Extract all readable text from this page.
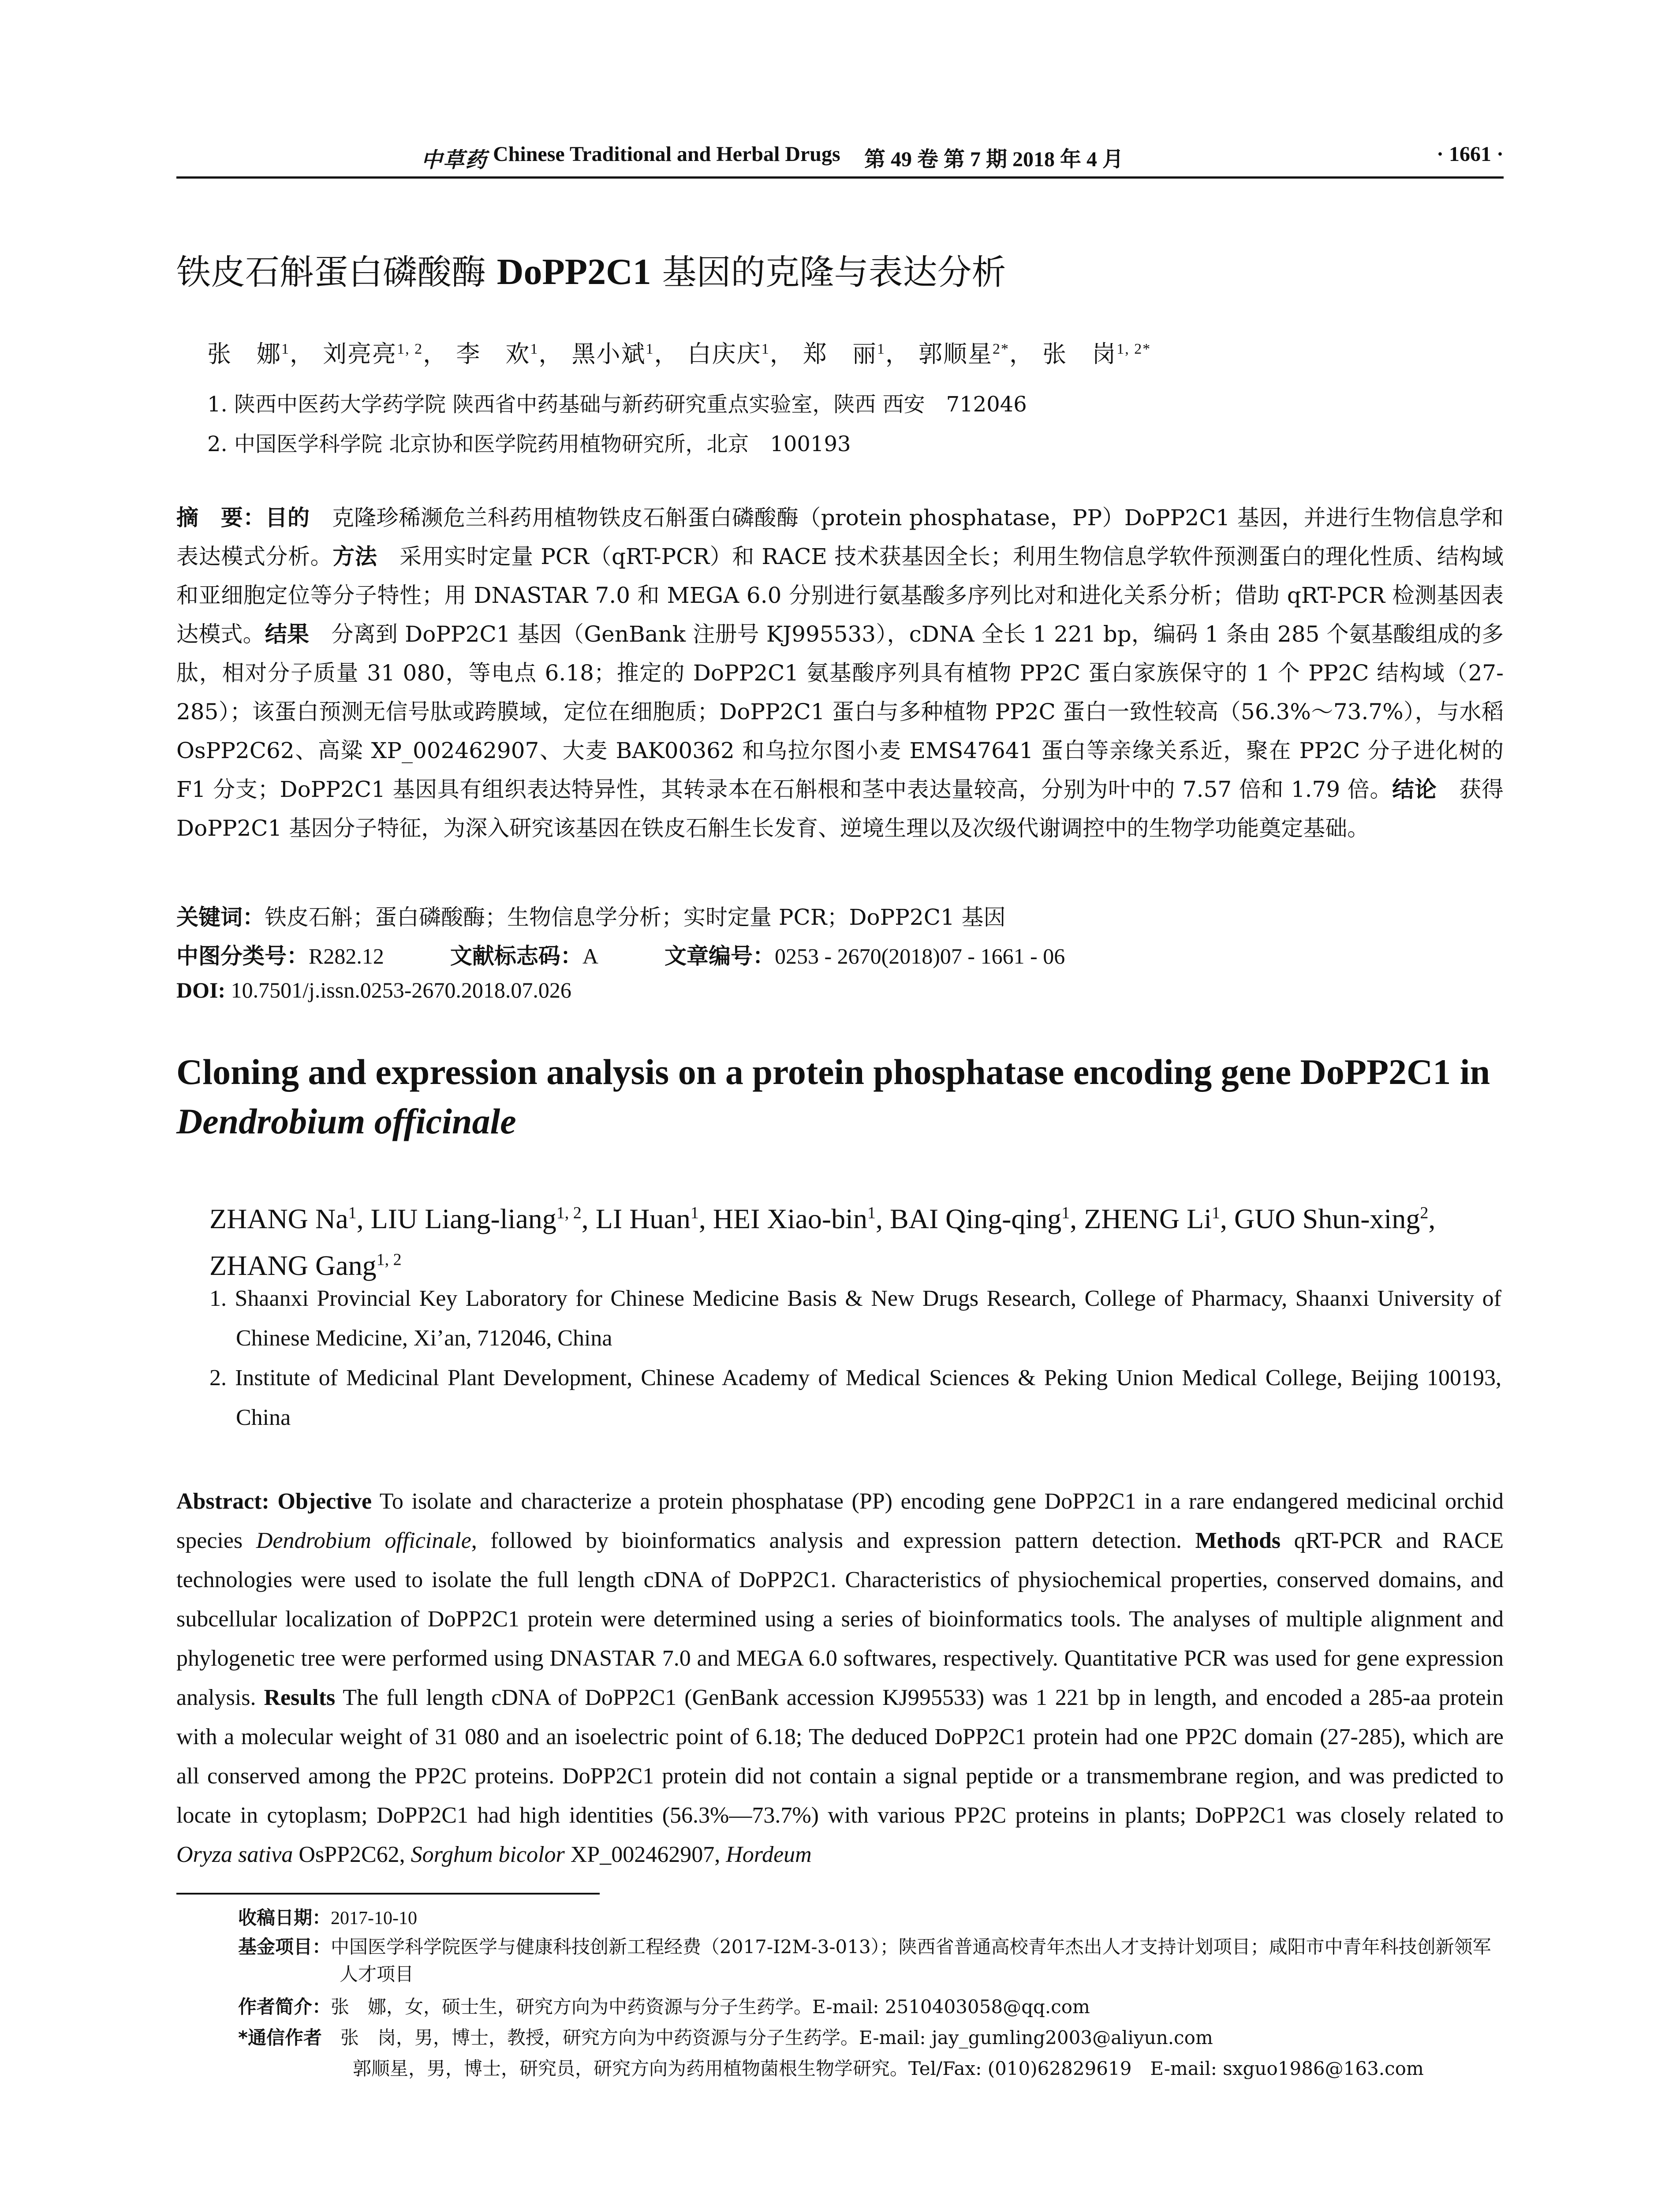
中草药 Chinese Traditional and Herbal Drugs 第 49 卷 第 7 期 2018 年 4 月	· 1661 ·
铁皮石斛蛋白磷酸酶 DoPP2C1 基因的克隆与表达分析
张　娜$^1$， 刘亮亮$^{1, 2}$， 李　欢$^1$， 黑小斌$^1$， 白庆庆$^1$， 郑　丽$^1$， 郭顺星$^{2*}$， 张　岗$^{1, 2*}$
1. 陕西中医药大学药学院 陕西省中药基础与新药研究重点实验室，陕西 西安　712046
2. 中国医学科学院 北京协和医学院药用植物研究所，北京　100193
摘　要：目的　克隆珍稀濒危兰科药用植物铁皮石斛蛋白磷酸酶（protein phosphatase，PP）DoPP2C1 基因，并进行生物信息学和表达模式分析。方法　采用实时定量 PCR（qRT-PCR）和 RACE 技术获基因全长；利用生物信息学软件预测蛋白的理化性质、结构域和亚细胞定位等分子特性；用 DNASTAR 7.0 和 MEGA 6.0 分别进行氨基酸多序列比对和进化关系分析；借助 qRT-PCR 检测基因表达模式。结果　分离到 DoPP2C1 基因（GenBank 注册号 KJ995533），cDNA 全长 1 221 bp，编码 1 条由 285 个氨基酸组成的多肽，相对分子质量 31 080，等电点 6.18；推定的 DoPP2C1 氨基酸序列具有植物 PP2C 蛋白家族保守的 1 个 PP2C 结构域（27-285）；该蛋白预测无信号肽或跨膜域，定位在细胞质；DoPP2C1 蛋白与多种植物 PP2C 蛋白一致性较高（56.3%～73.7%），与水稻 OsPP2C62、高粱 XP_002462907、大麦 BAK00362 和乌拉尔图小麦 EMS47641 蛋白等亲缘关系近，聚在 PP2C 分子进化树的 F1 分支；DoPP2C1 基因具有组织表达特异性，其转录本在石斛根和茎中表达量较高，分别为叶中的 7.57 倍和 1.79 倍。结论　获得 DoPP2C1 基因分子特征，为深入研究该基因在铁皮石斛生长发育、逆境生理以及次级代谢调控中的生物学功能奠定基础。
关键词：铁皮石斛；蛋白磷酸酶；生物信息学分析；实时定量 PCR；DoPP2C1 基因
中图分类号：R282.12	文献标志码：A	文章编号：0253 - 2670(2018)07 - 1661 - 06
DOI: 10.7501/j.issn.0253-2670.2018.07.026
Cloning and expression analysis on a protein phosphatase encoding gene DoPP2C1 in
Dendrobium officinale
ZHANG Na$^1$, LIU Liang-liang$^{1, 2}$, LI Huan$^1$, HEI Xiao-bin$^1$, BAI Qing-qing$^1$, ZHENG Li$^1$, GUO Shun-xing$^2$, ZHANG Gang$^{1, 2}$
1. Shaanxi Provincial Key Laboratory for Chinese Medicine Basis & New Drugs Research, College of Pharmacy, Shaanxi University of Chinese Medicine, Xi’an, 712046, China
2. Institute of Medicinal Plant Development, Chinese Academy of Medical Sciences & Peking Union Medical College, Beijing 100193, China
Abstract: Objective To isolate and characterize a protein phosphatase (PP) encoding gene DoPP2C1 in a rare endangered medicinal orchid species Dendrobium officinale, followed by bioinformatics analysis and expression pattern detection. Methods qRT-PCR and RACE technologies were used to isolate the full length cDNA of DoPP2C1. Characteristics of physiochemical properties, conserved domains, and subcellular localization of DoPP2C1 protein were determined using a series of bioinformatics tools. The analyses of multiple alignment and phylogenetic tree were performed using DNASTAR 7.0 and MEGA 6.0 softwares, respectively. Quantitative PCR was used for gene expression analysis. Results The full length cDNA of DoPP2C1 (GenBank accession KJ995533) was 1 221 bp in length, and encoded a 285-aa protein with a molecular weight of 31 080 and an isoelectric point of 6.18; The deduced DoPP2C1 protein had one PP2C domain (27-285), which are all conserved among the PP2C proteins. DoPP2C1 protein did not contain a signal peptide or a transmembrane region, and was predicted to locate in cytoplasm; DoPP2C1 had high identities (56.3%—73.7%) with various PP2C proteins in plants; DoPP2C1 was closely related to Oryza sativa OsPP2C62, Sorghum bicolor XP_002462907, Hordeum
收稿日期：2017-10-10
基金项目：中国医学科学院医学与健康科技创新工程经费（2017-I2M-3-013）；陕西省普通高校青年杰出人才支持计划项目；咸阳市中青年科技创新领军人才项目
作者简介：张　娜，女，硕士生，研究方向为中药资源与分子生药学。E-mail: 2510403058@qq.com
*通信作者　张　岗，男，博士，教授，研究方向为中药资源与分子生药学。E-mail: jay_gumling2003@aliyun.com
郭顺星，男，博士，研究员，研究方向为药用植物菌根生物学研究。Tel/Fax: (010)62829619　E-mail: sxguo1986@163.com
